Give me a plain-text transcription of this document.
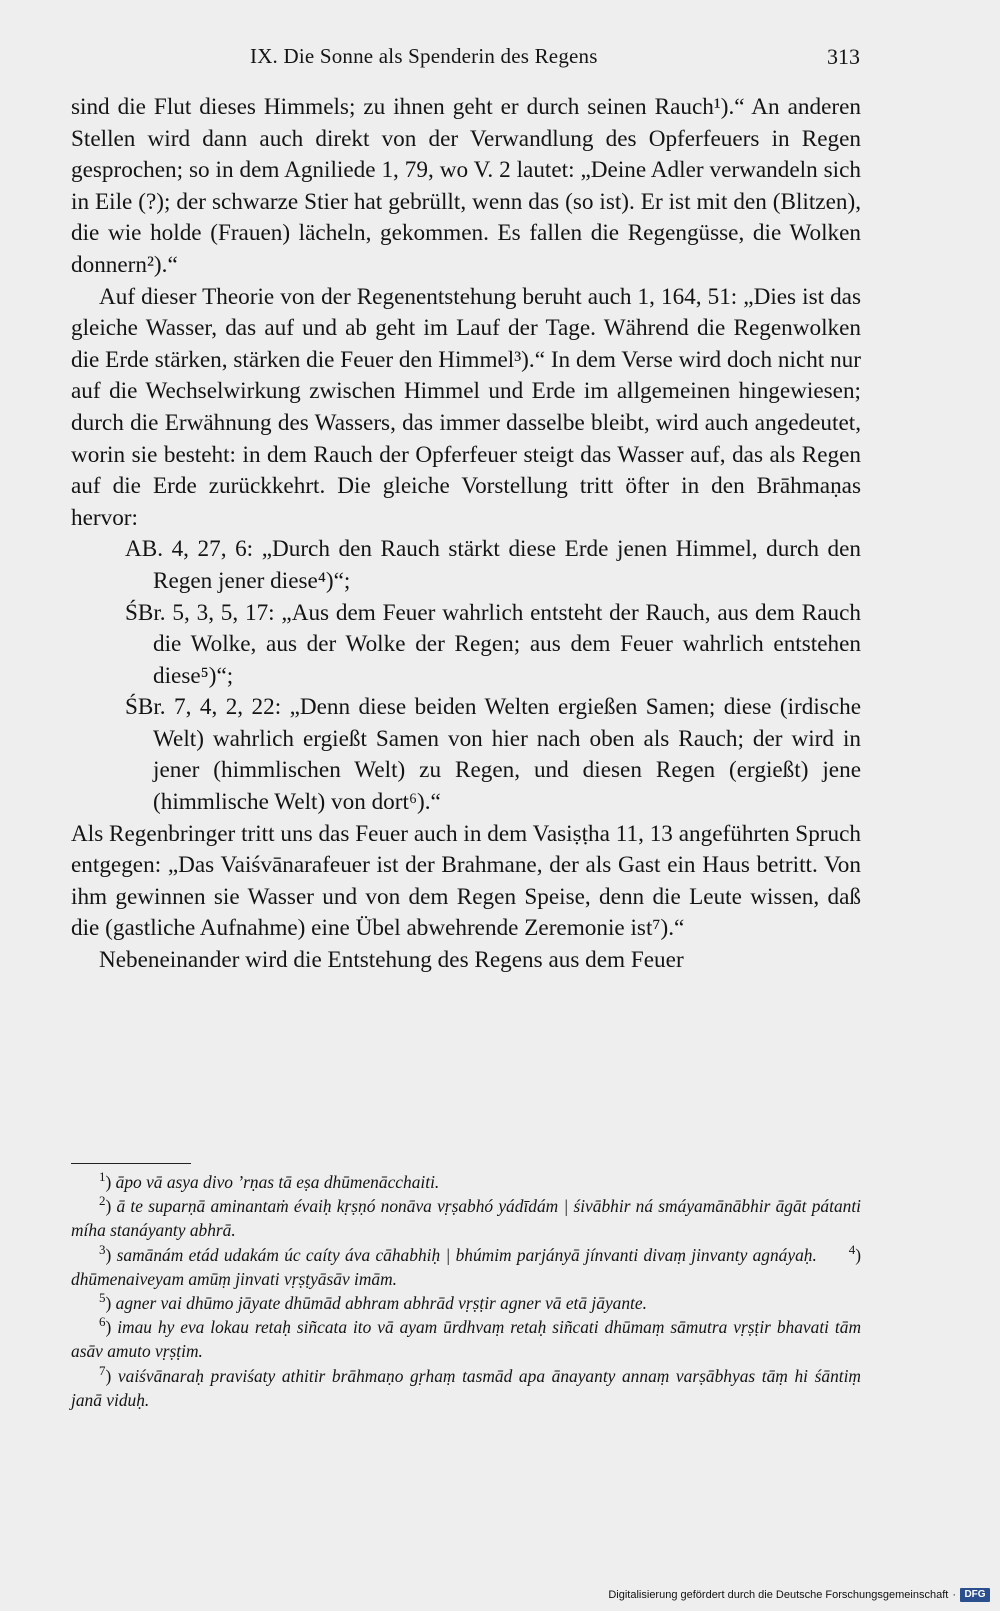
IX. Die Sonne als Spenderin des Regens	313

sind die Flut dieses Himmels; zu ihnen geht er durch seinen Rauch¹).“ An anderen Stellen wird dann auch direkt von der Verwandlung des Opferfeuers in Regen gesprochen; so in dem Agniliede 1, 79, wo V. 2 lautet: „Deine Adler verwandeln sich in Eile (?); der schwarze Stier hat gebrüllt, wenn das (so ist). Er ist mit den (Blitzen), die wie holde (Frauen) lächeln, gekommen. Es fallen die Regengüsse, die Wolken donnern²).“

Auf dieser Theorie von der Regenentstehung beruht auch 1, 164, 51: „Dies ist das gleiche Wasser, das auf und ab geht im Lauf der Tage. Während die Regenwolken die Erde stärken, stärken die Feuer den Himmel³).“ In dem Verse wird doch nicht nur auf die Wechselwirkung zwischen Himmel und Erde im allgemeinen hingewiesen; durch die Erwähnung des Wassers, das immer dasselbe bleibt, wird auch angedeutet, worin sie besteht: in dem Rauch der Opferfeuer steigt das Wasser auf, das als Regen auf die Erde zurückkehrt. Die gleiche Vorstellung tritt öfter in den Brāhmaṇas hervor:

AB. 4, 27, 6: „Durch den Rauch stärkt diese Erde jenen Himmel, durch den Regen jener diese⁴)“;

ŚBr. 5, 3, 5, 17: „Aus dem Feuer wahrlich entsteht der Rauch, aus dem Rauch die Wolke, aus der Wolke der Regen; aus dem Feuer wahrlich entstehen diese⁵)“;

ŚBr. 7, 4, 2, 22: „Denn diese beiden Welten ergießen Samen; diese (irdische Welt) wahrlich ergießt Samen von hier nach oben als Rauch; der wird in jener (himmlischen Welt) zu Regen, und diesen Regen (ergießt) jene (himmlische Welt) von dort⁶).“

Als Regenbringer tritt uns das Feuer auch in dem Vasiṣṭha 11, 13 angeführten Spruch entgegen: „Das Vaiśvānarafeuer ist der Brahmane, der als Gast ein Haus betritt. Von ihm gewinnen sie Wasser und von dem Regen Speise, denn die Leute wissen, daß die (gastliche Aufnahme) eine Übel abwehrende Zeremonie ist⁷).“

Nebeneinander wird die Entstehung des Regens aus dem Feuer

$^1$) āpo vā asya divo ’rṇas tā eṣa dhūmenācchaiti.

$^2$) ā te suparṇā aminantaṁ évaiḥ kṛṣṇó nonāva vṛṣabhó yádīdám | śivābhir ná smáyamānābhir āgāt pátanti míha stanáyanty abhrā.

$^3$) samānám etád udakám úc caíty áva cāhabhiḥ | bhúmim parjányā jínvanti divaṃ jinvanty agnáyaḥ. $^4$) dhūmenaiveyam amūṃ jinvati vṛṣṭyāsāv imām.

$^5$) agner vai dhūmo jāyate dhūmād abhram abhrād vṛṣṭir agner vā etā jāyante.

$^6$) imau hy eva lokau retaḥ siñcata ito vā ayam ūrdhvaṃ retaḥ siñcati dhūmaṃ sāmutra vṛṣṭir bhavati tām asāv amuto vṛṣṭim.

$^7$) vaiśvānaraḥ praviśaty athitir brāhmaṇo gṛhaṃ tasmād apa ānayanty annaṃ varṣābhyas tāṃ hi śāntiṃ janā viduḥ.

Digitalisierung gefördert durch die Deutsche Forschungsgemeinschaft · DFG
